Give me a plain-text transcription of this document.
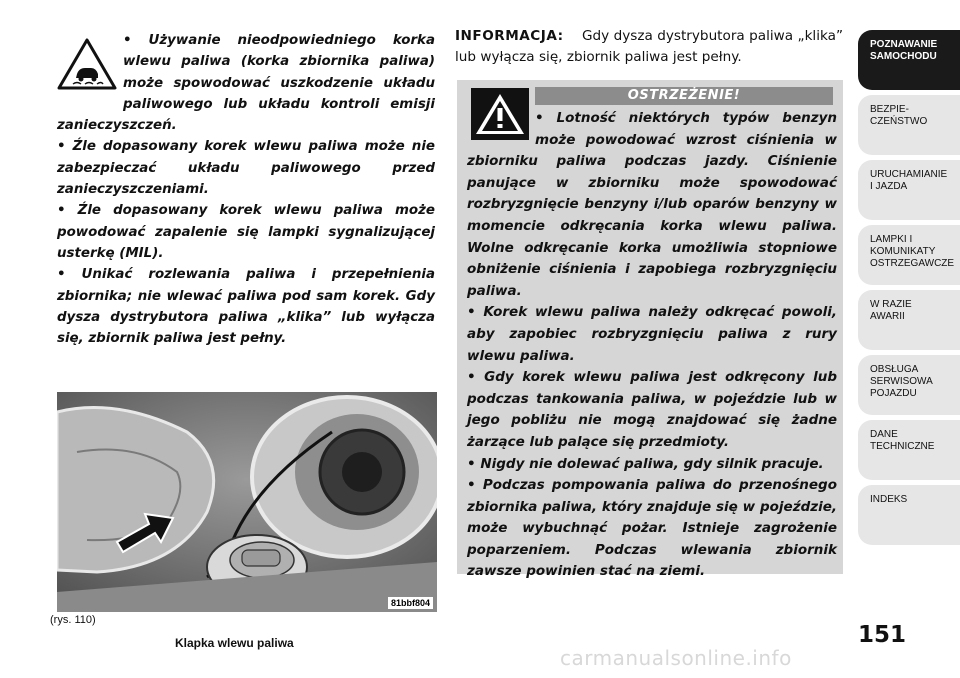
• Używanie nieodpowiedniego korka wlewu paliwa (korka zbiornika paliwa) może spowodować uszkodzenie układu paliwowego lub układu kontroli emisji zanieczyszczeń.

• Źle dopasowany korek wlewu paliwa może nie zabezpieczać układu paliwowego przed zanieczyszczeniami.

• Źle dopasowany korek wlewu paliwa może powodować zapalenie się lampki sygnalizującej usterkę (MIL).

• Unikać rozlewania paliwa i przepełnienia zbiornika; nie wlewać paliwa pod sam korek. Gdy dysza dystrybutora paliwa „klika” lub wyłącza się, zbiornik paliwa jest pełny.

81bbf804
(rys. 110)
Klapka wlewu paliwa

INFORMACJA: Gdy dysza dystrybutora paliwa „klika” lub wyłącza się, zbiornik paliwa jest pełny.

OSTRZEŻENIE!

• Lotność niektórych typów benzyn może powodować wzrost ciśnienia w zbiorniku paliwa podczas jazdy. Ciśnienie panujące w zbiorniku może spowodować rozbryzgnięcie benzyny i/lub oparów benzyny w momencie odkręcania korka wlewu paliwa. Wolne odkręcanie korka umożliwia stopniowe obniżenie ciśnienia i zapobiega rozbryzgnięciu paliwa.

• Korek wlewu paliwa należy odkręcać powoli, aby zapobiec rozbryzgnięciu paliwa z rury wlewu paliwa.

• Gdy korek wlewu paliwa jest odkręcony lub podczas tankowania paliwa, w pojeździe lub w jego pobliżu nie mogą znajdować się żadne żarzące lub palące się przedmioty.

• Nigdy nie dolewać paliwa, gdy silnik pracuje.

• Podczas pompowania paliwa do przenośnego zbiornika paliwa, który znajduje się w pojeździe, może wybuchnąć pożar. Istnieje zagrożenie poparzeniem. Podczas wlewania zbiornik zawsze powinien stać na ziemi.

POZNAWANIE
SAMOCHODU
BEZPIE-
CZEŃSTWO
URUCHAMIANIE
I JAZDA
LAMPKI I
KOMUNIKATY
OSTRZEGAWCZE
W RAZIE
AWARII
OBSŁUGA
SERWISOWA
POJAZDU
DANE
TECHNICZNE
INDEKS
151
carmanualsonline.info
